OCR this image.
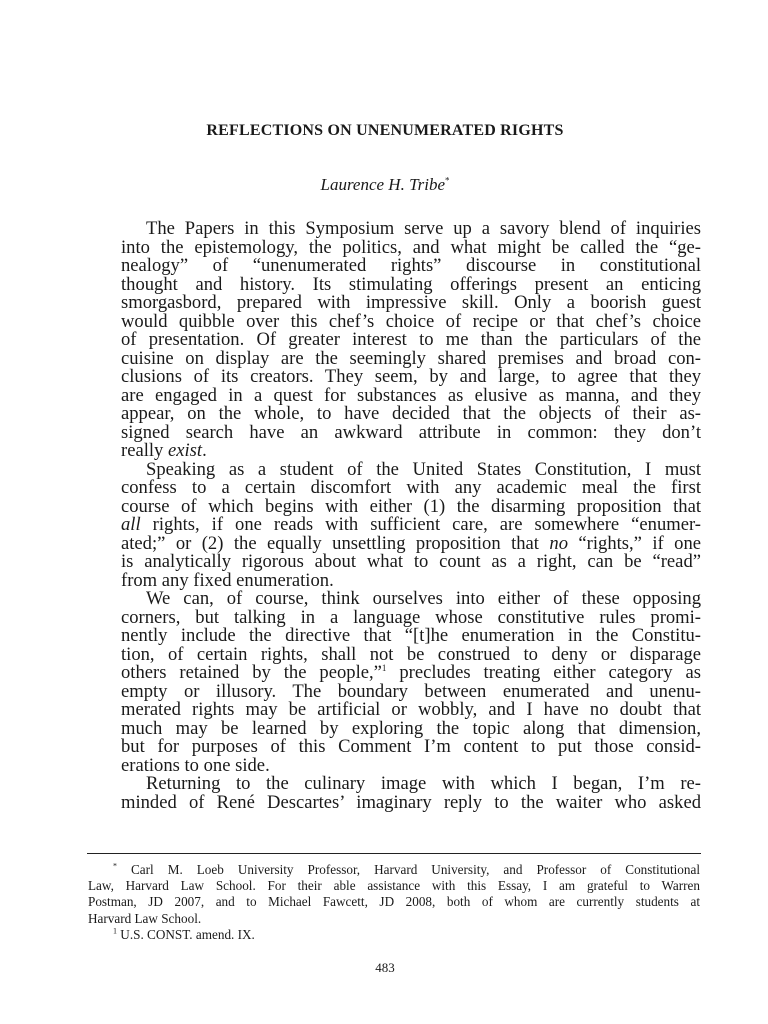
REFLECTIONS ON UNENUMERATED RIGHTS
Laurence H. Tribe*
The Papers in this Symposium serve up a savory blend of inquiries
into the epistemology, the politics, and what might be called the “ge-
nealogy” of “unenumerated rights” discourse in constitutional
thought and history. Its stimulating offerings present an enticing
smorgasbord, prepared with impressive skill. Only a boorish guest
would quibble over this chef’s choice of recipe or that chef’s choice
of presentation. Of greater interest to me than the particulars of the
cuisine on display are the seemingly shared premises and broad con-
clusions of its creators. They seem, by and large, to agree that they
are engaged in a quest for substances as elusive as manna, and they
appear, on the whole, to have decided that the objects of their as-
signed search have an awkward attribute in common: they don’t
really exist.
Speaking as a student of the United States Constitution, I must
confess to a certain discomfort with any academic meal the first
course of which begins with either (1) the disarming proposition that
all rights, if one reads with sufficient care, are somewhere “enumer-
ated;” or (2) the equally unsettling proposition that no “rights,” if one
is analytically rigorous about what to count as a right, can be “read”
from any fixed enumeration.
We can, of course, think ourselves into either of these opposing
corners, but talking in a language whose constitutive rules promi-
nently include the directive that “[t]he enumeration in the Constitu-
tion, of certain rights, shall not be construed to deny or disparage
others retained by the people,”$^1$ precludes treating either category as
empty or illusory. The boundary between enumerated and unenu-
merated rights may be artificial or wobbly, and I have no doubt that
much may be learned by exploring the topic along that dimension,
but for purposes of this Comment I’m content to put those consid-
erations to one side.
Returning to the culinary image with which I began, I’m re-
minded of René Descartes’ imaginary reply to the waiter who asked
* Carl M. Loeb University Professor, Harvard University, and Professor of Constitutional
Law, Harvard Law School. For their able assistance with this Essay, I am grateful to Warren
Postman, JD 2007, and to Michael Fawcett, JD 2008, both of whom are currently students at
Harvard Law School.
$^1$ U.S. CONST. amend. IX.
483
